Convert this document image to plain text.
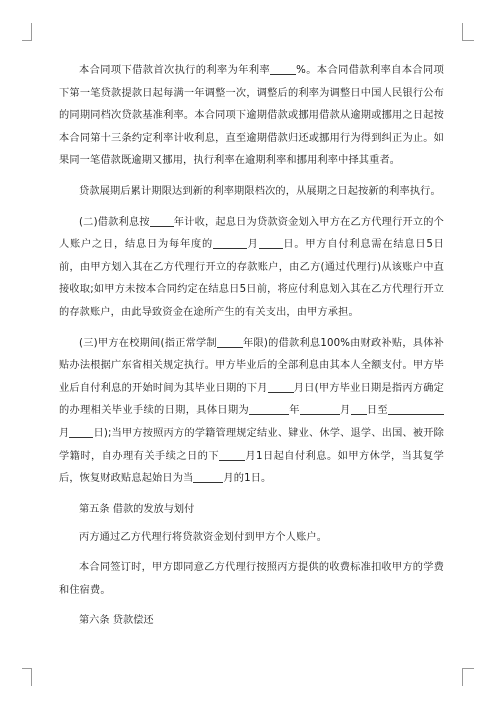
本合同项下借款首次执行的利率为年利率	%。本合同借款利率自本合同项下第一笔贷款提款日起每满一年调整一次，调整后的利率为调整日中国人民银行公布的同期同档次贷款基准利率。本合同项下逾期借款或挪用借款从逾期或挪用之日起按本合同第十三条约定利率计收利息，直至逾期借款归还或挪用行为得到纠正为止。如果同一笔借款既逾期又挪用，执行利率在逾期利率和挪用利率中择其重者。

贷款展期后累计期限达到新的利率期限档次的，从展期之日起按新的利率执行。

(二)借款利息按 年计收，起息日为贷款资金划入甲方在乙方代理行开立的个人账户之日，结息日为每年度的	月 日。甲方自付利息需在结息日5日前，由甲方划入其在乙方代理行开立的存款账户，由乙方(通过代理行)从该账户中直接收取;如甲方未按本合同约定在结息日5日前，将应付利息划入其在乙方代理行开立的存款账户，由此导致资金在途所产生的有关支出，由甲方承担。

(三)甲方在校期间(指正常学制	年限)的借款利息100%由财政补贴，具体补贴办法根据广东省相关规定执行。甲方毕业后的全部利息由其本人全额支付。甲方毕业后自付利息的开始时间为其毕业日期的下月	月日(甲方毕业日期是指丙方确定的办理相关毕业手续的日期，具体日期为	年	月 日至月 日);当甲方按照丙方的学籍管理规定结业、肄业、休学、退学、出国、被开除学籍时，自办理有关手续之日的下	月1日起自付利息。如甲方休学，当其复学后，恢复财政贴息起始日为当	月的1日。

第五条 借款的发放与划付

丙方通过乙方代理行将贷款资金划付到甲方个人账户。

本合同签订时，甲方即同意乙方代理行按照丙方提供的收费标准扣收甲方的学费和住宿费。

第六条 贷款偿还
